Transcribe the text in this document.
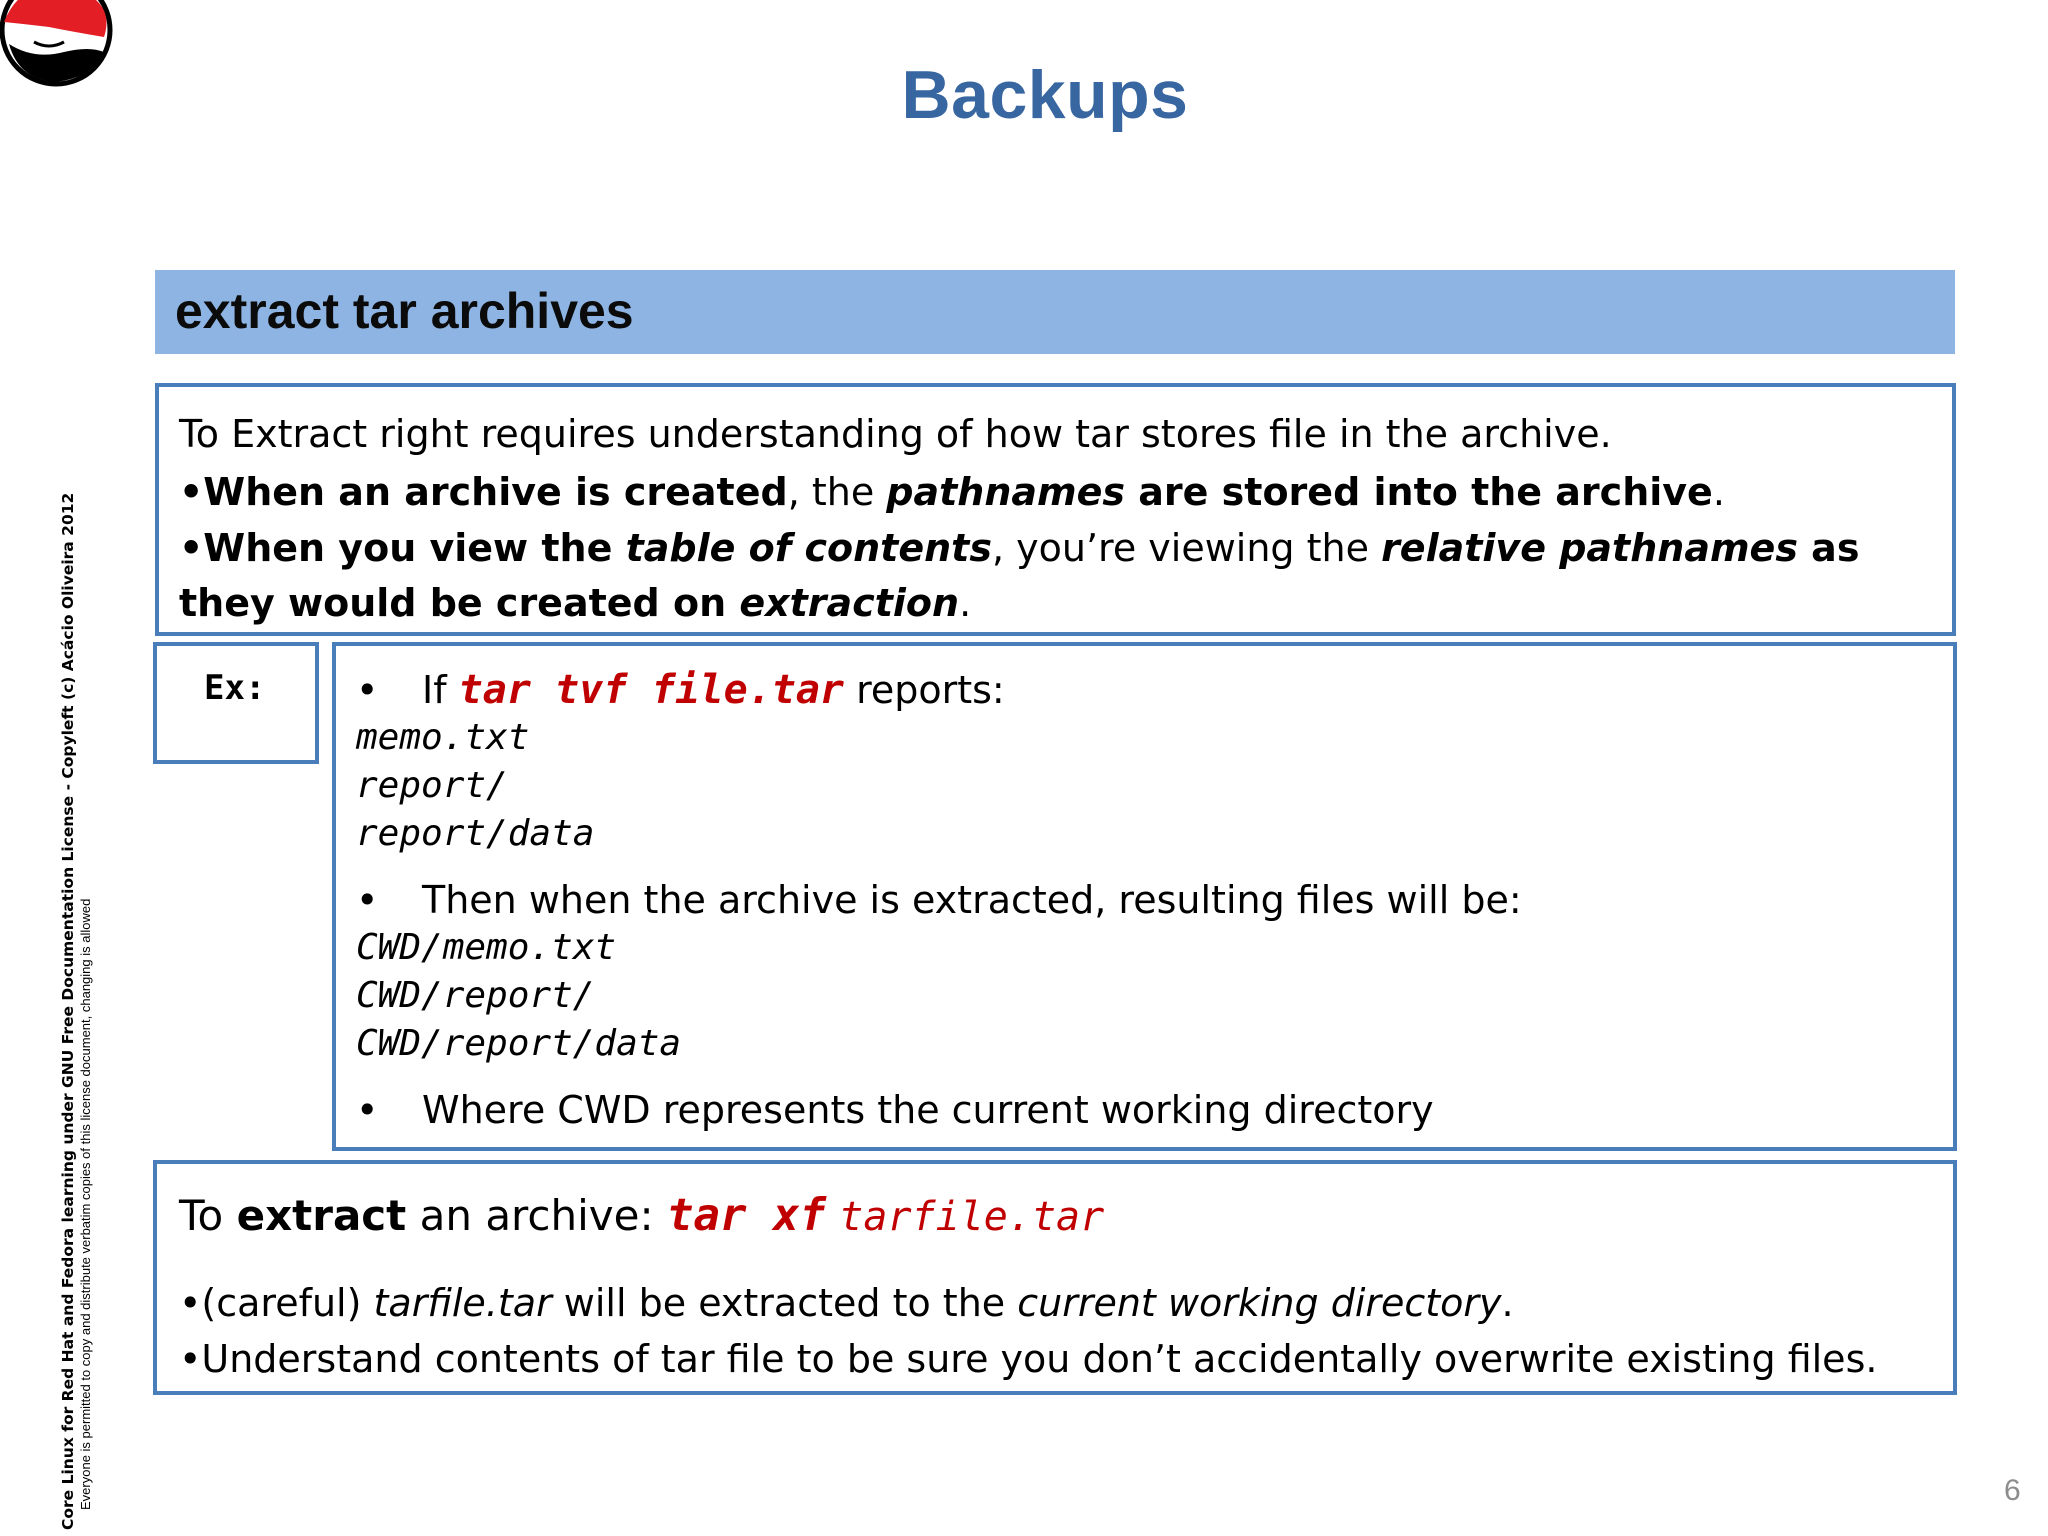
Backups
Core Linux for Red Hat and Fedora learning under GNU Free Documentation License - Copyleft (c) Acácio Oliveira 2012 Everyone is permitted to copy and distribute verbatim copies of this license document, changing is allowed
extract tar archives
To Extract right requires understanding of how tar stores file in the archive.
•When an archive is created, the pathnames are stored into the archive.
•When you view the table of contents, you’re viewing the relative pathnames as they would be created on extraction.
Ex: • If tar tvf file.tar reports:
memo.txt
report/
report/data
• Then when the archive is extracted, resulting files will be:
CWD/memo.txt
CWD/report/
CWD/report/data
• Where CWD represents the current working directory
To extract an archive: tar xf tarfile.tar
•(careful) tarfile.tar will be extracted to the current working directory.
•Understand contents of tar file to be sure you don’t accidentally overwrite existing files.
6
